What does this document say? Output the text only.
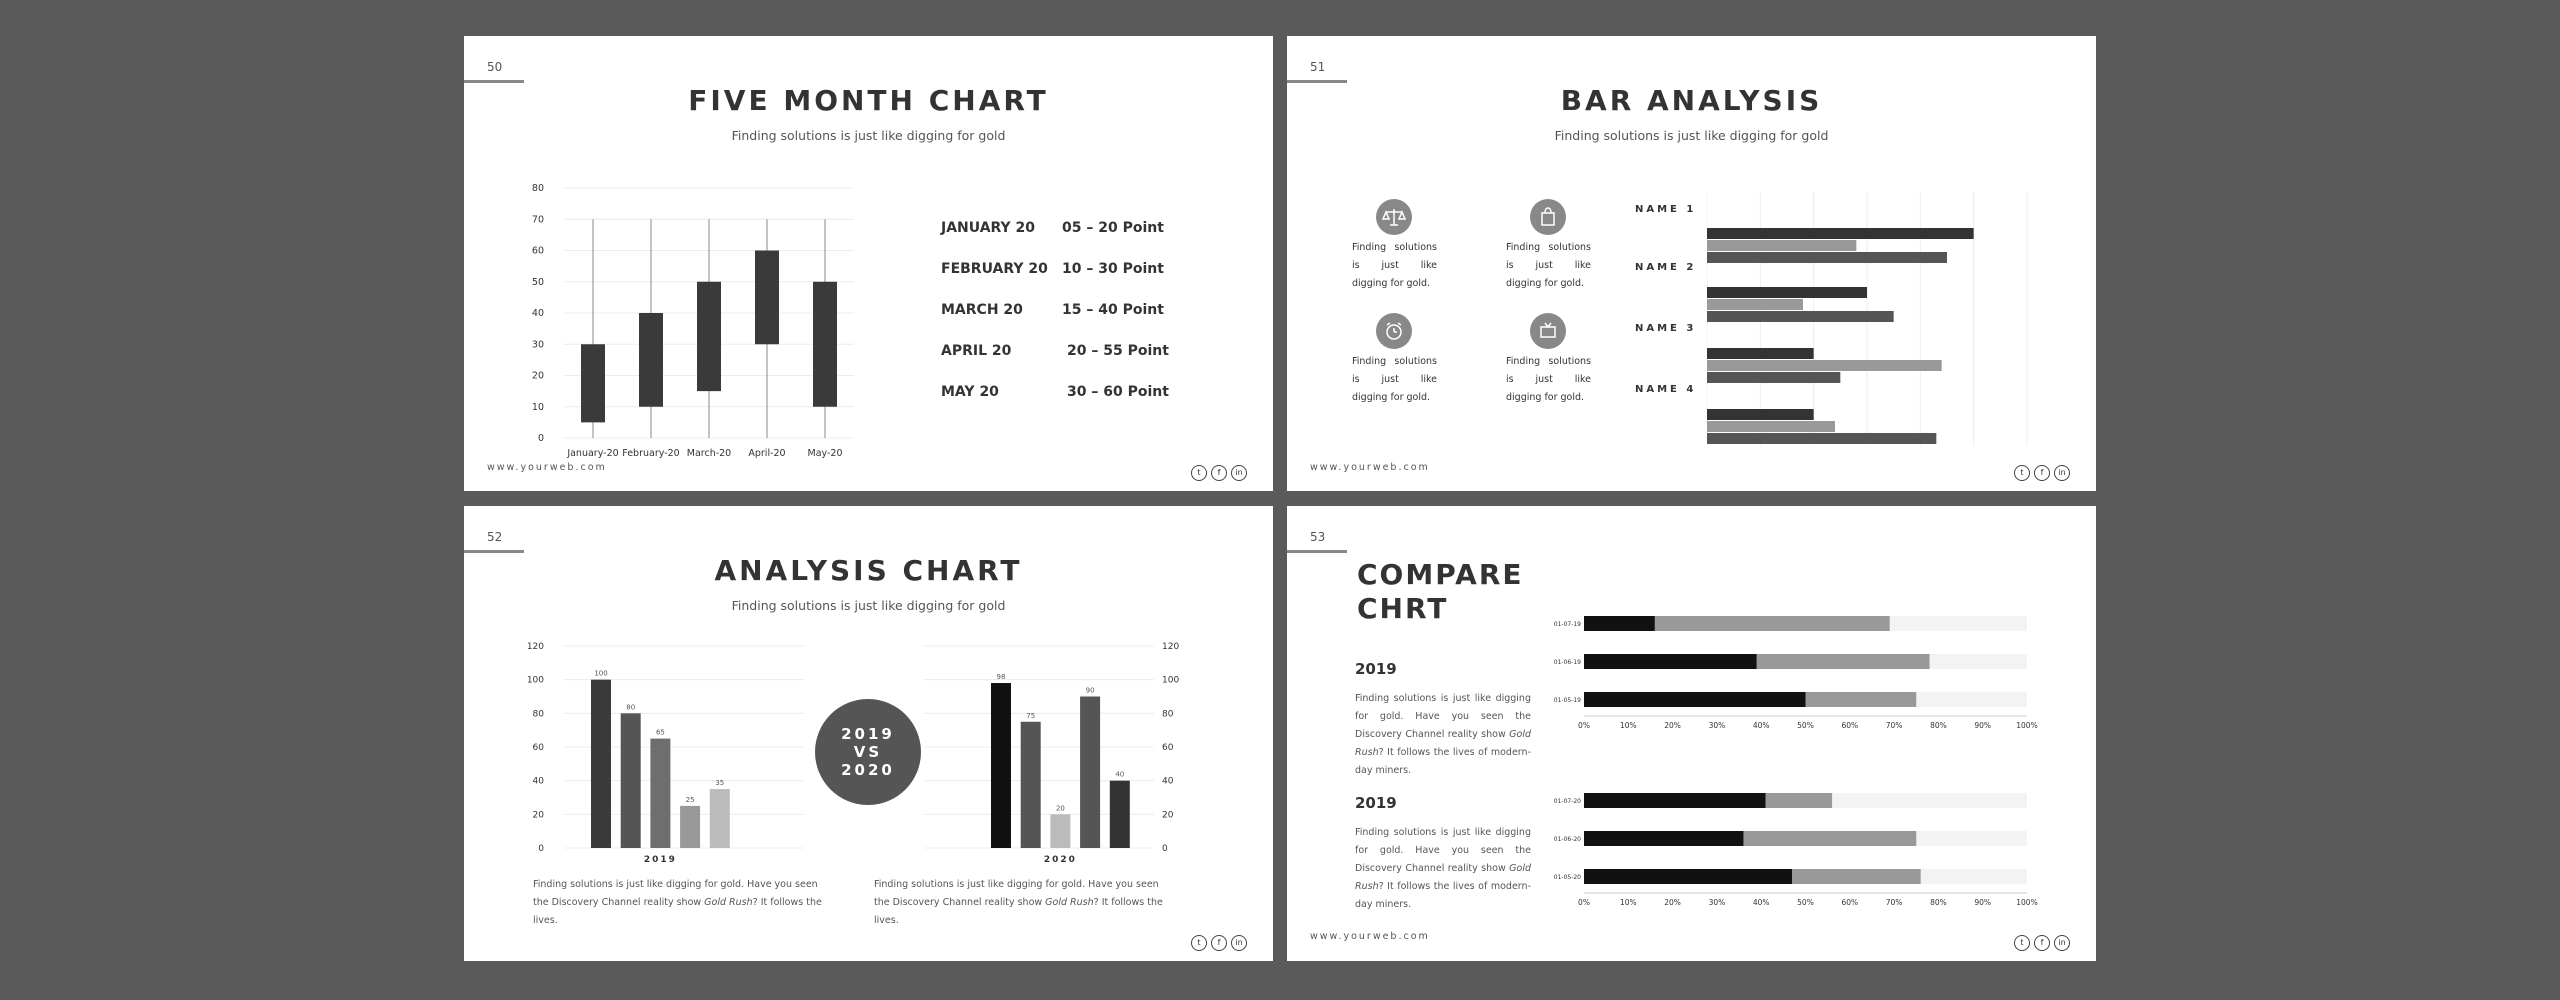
50
FIVE MONTH CHART
Finding solutions is just like digging for gold
0
10
20
30
40
50
60
70
80
January-20 February-20 March-20 April-20 May-20
JANUARY 20 05 – 20 Point
FEBRUARY 20 10 – 30 Point
MARCH 20	15 – 40 Point
APRIL 20	20 – 55 Point
MAY 20	30 – 60 Point
www.yourweb.com	t	f	in
51
BAR ANALYSIS
Finding solutions is just like digging for gold
Finding solutions is just like digging for gold.
Finding solutions is just like digging for gold.
Finding solutions is just like digging for gold.
Finding solutions is just like digging for gold.
NAME 1
NAME 2
NAME 3
NAME 4
www.yourweb.com	t	f	in
52
ANALYSIS CHART
Finding solutions is just like digging for gold
0
20
40
60
80
100
120
100
80
65
25
35
2019
0
20
40
60
80
100
120
98
75
20
90
40
2020
2019
VS
2020
Finding solutions is just like digging for gold. Have you seen the Discovery Channel reality show Gold Rush? It follows the lives.
Finding solutions is just like digging for gold. Have you seen the Discovery Channel reality show Gold Rush? It follows the lives.
t	f	in
53
COMPARE
CHRT
2019
Finding solutions is just like digging for gold. Have you seen the Discovery Channel reality show Gold Rush? It follows the lives of modern-day miners.
2019
Finding solutions is just like digging for gold. Have you seen the Discovery Channel reality show Gold Rush? It follows the lives of modern-day miners.
01-07-19
01-06-19
01-05-19
0%	10%	20%	30%	40%	50%	60%	70%	80%	90%	100%
01-07-20
01-06-20
01-05-20
0%	10%	20%	30%	40%	50%	60%	70%	80%	90%	100%
www.yourweb.com
t	f	in
